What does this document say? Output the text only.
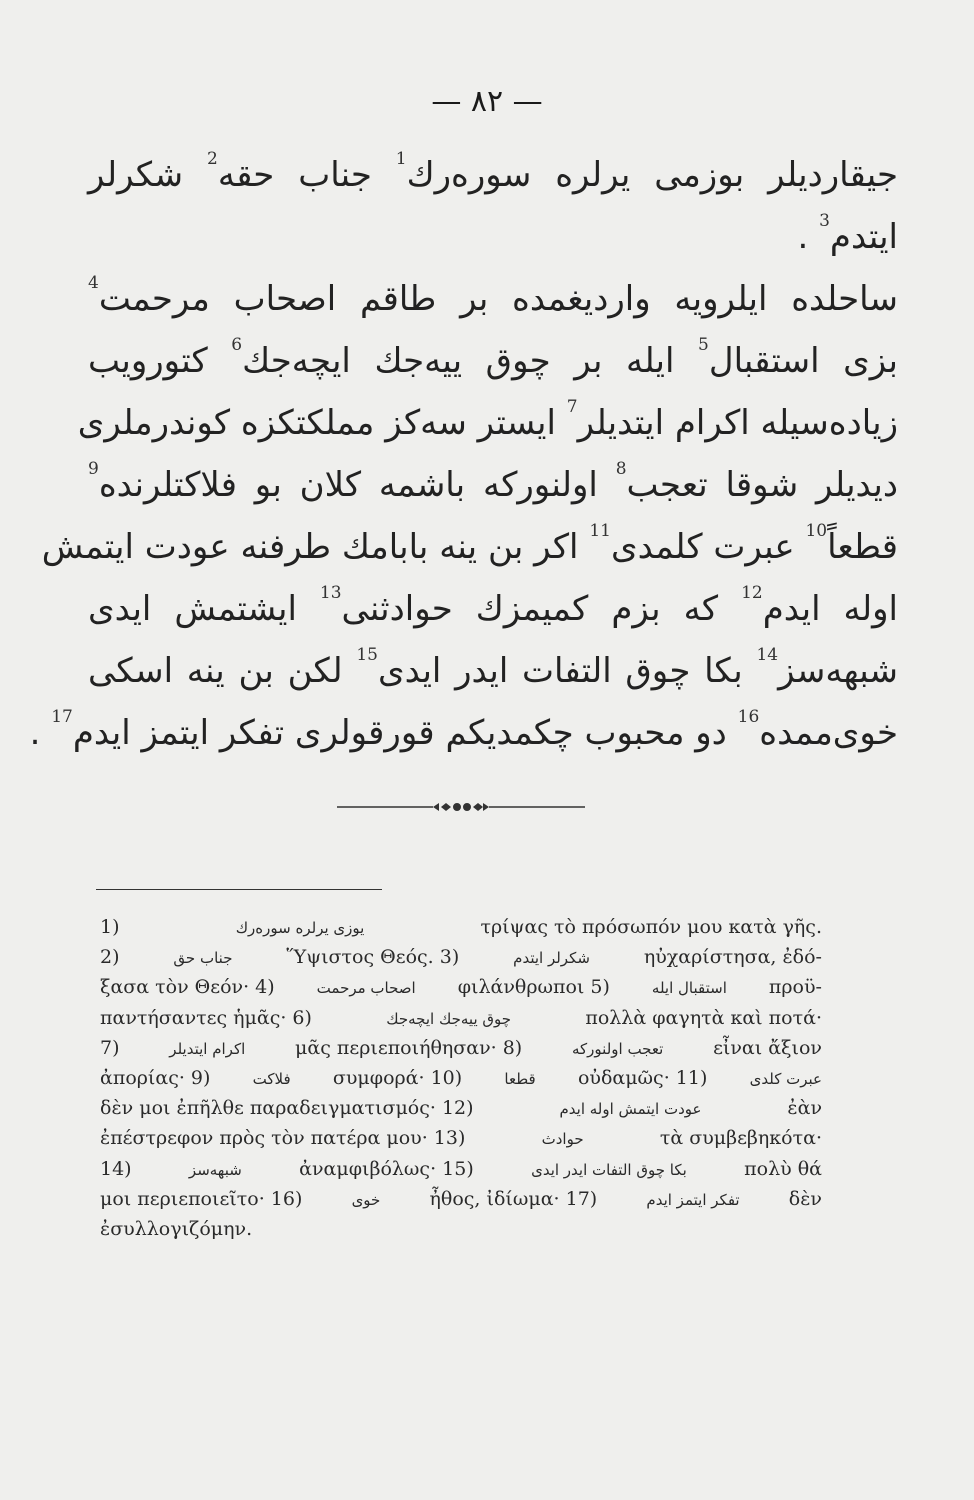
— ٨٢ —
جیقاردیلر بوزمی یرلره سوره‌رك$^1$ جناب حقه$^2$ شکرلر
ایتدم$^3$ .
ساحلده ایلرویه واردیغمده بر طاقم اصحاب مرحمت$^4$
بزی استقبال$^5$ ایله بر چوق ییه‌جك ایچه‌جك$^6$ کتورویب
زیاده‌سیله اکرام ایتدیلر$^7$ ایستر سه‌کز مملکتکزه کوندرملری
دیدیلر شوقا تعجب$^8$ اولنورکه باشمه کلان بو فلاکتلرنده$^9$
قطعاً$^{10}$ عبرت کلمدی$^{11}$ اکر بن ینه بابامك طرفنه عودت ایتمش
اوله ایدم$^{12}$ که بزم کمیمزك حوادثنی$^{13}$ ایشتمش ایدی
شبهه‌سز$^{14}$ بکا چوق التفات ایدر ایدی$^{15}$ لکن بن ینه اسکی
خوی‌ممده$^{16}$ دو محبوب چکمدیکم قورقولری تفکر ایتمز ایدم$^{17}$ .
1)	یوزی یرلره سوره‌رك	τρίψας τὸ πρόσωπόν μου κατὰ γῆς.
2)	جناب حق	Ὕψιστος Θεός. 3)	شکرلر ایتدم	ηὐχαρίστησα, ἐδό-
ξασα τὸν Θεόν· 4)	اصحاب مرحمت φιλάνθρωποι 5)	استقبال ایله προϋ-
παντήσαντες ἡμᾶς· 6)	چوق ییه‌جك ایچه‌جك	πολλὰ φαγητὰ καὶ ποτά·
7)	اکرام ایتدیلر	μᾶς περιεποιήθησαν· 8)	تعجب اولنورکه	εἶναι ἄξιον
ἀπορίας· 9)	فلاکت συμφορά· 10)	قطعا οὐδαμῶς· 11)	عبرت کلدی
δὲν μοι ἐπῆλθε παραδειγματισμός· 12)	عودت ایتمش اوله ایدم	ἐὰν
ἐπέστρεφον πρὸς τὸν πατέρα μου· 13)	حوادث	τὰ συμβεβηκότα·
14)	شبهه‌سز	ἀναμφιβόλως· 15)	بکا چوق التفات ایدر ایدی	πολὺ θά
μοι περιεποιεῖτο· 16)	خوی	ἦθος, ἰδίωμα· 17)	تفکر ایتمز ایدم	δὲν
ἐσυλλογιζόμην.
